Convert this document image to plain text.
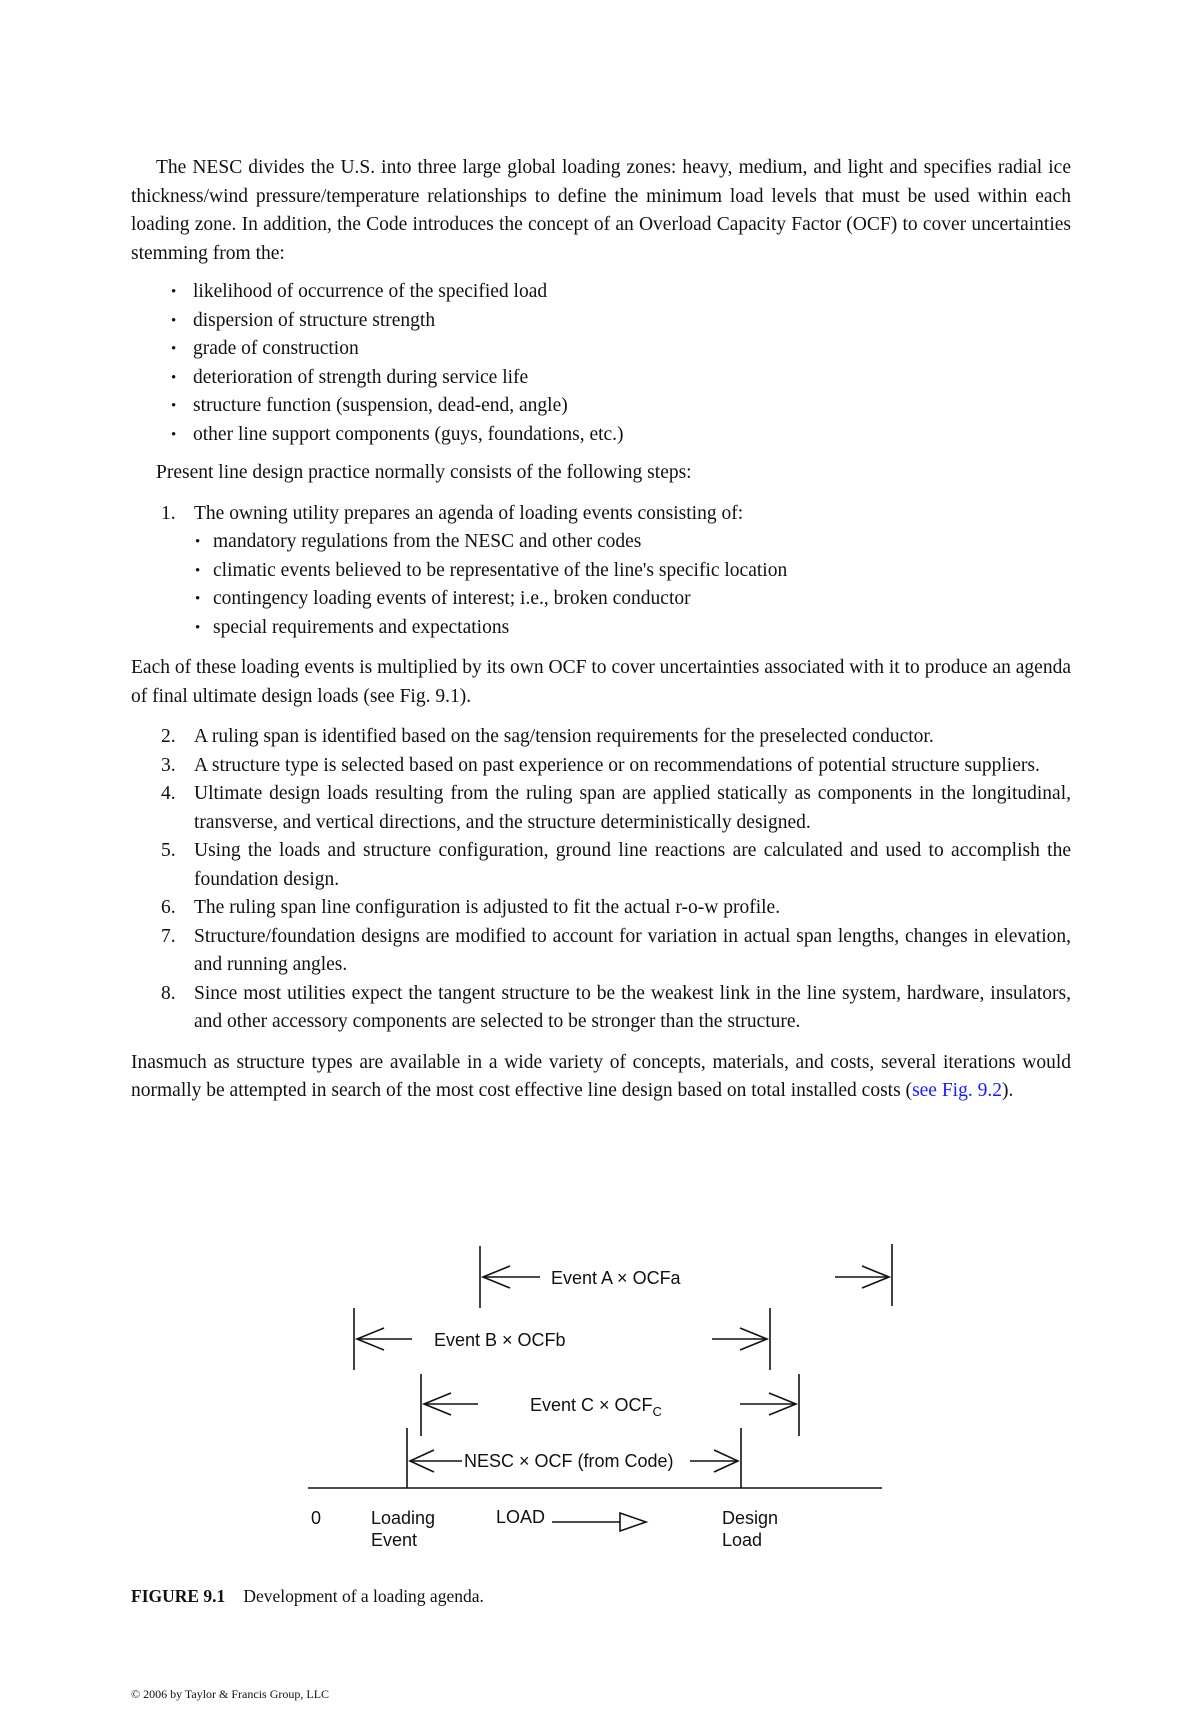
The NESC divides the U.S. into three large global loading zones: heavy, medium, and light and specifies radial ice thickness/wind pressure/temperature relationships to define the minimum load levels that must be used within each loading zone. In addition, the Code introduces the concept of an Overload Capacity Factor (OCF) to cover uncertainties stemming from the:

• likelihood of occurrence of the specified load
• dispersion of structure strength
• grade of construction
• deterioration of strength during service life
• structure function (suspension, dead-end, angle)
• other line support components (guys, foundations, etc.)

Present line design practice normally consists of the following steps:

1. The owning utility prepares an agenda of loading events consisting of:
• mandatory regulations from the NESC and other codes
• climatic events believed to be representative of the line's specific location
• contingency loading events of interest; i.e., broken conductor
• special requirements and expectations

Each of these loading events is multiplied by its own OCF to cover uncertainties associated with it to produce an agenda of final ultimate design loads (see Fig. 9.1).

2. A ruling span is identified based on the sag/tension requirements for the preselected conductor.
3. A structure type is selected based on past experience or on recommendations of potential structure suppliers.
4. Ultimate design loads resulting from the ruling span are applied statically as components in the longitudinal, transverse, and vertical directions, and the structure deterministically designed.
5. Using the loads and structure configuration, ground line reactions are calculated and used to accomplish the foundation design.
6. The ruling span line configuration is adjusted to fit the actual r-o-w profile.
7. Structure/foundation designs are modified to account for variation in actual span lengths, changes in elevation, and running angles.
8. Since most utilities expect the tangent structure to be the weakest link in the line system, hardware, insulators, and other accessory components are selected to be stronger than the structure.

Inasmuch as structure types are available in a wide variety of concepts, materials, and costs, several iterations would normally be attempted in search of the most cost effective line design based on total installed costs (see Fig. 9.2).

Event A × OCFa
Event B × OCFb
Event $C \times OCF_C$
NESC × OCF (from Code)
0	Loading
Event
LOAD	Design
Load
FIGURE 9.1 Development of a loading agenda.
© 2006 by Taylor & Francis Group, LLC
